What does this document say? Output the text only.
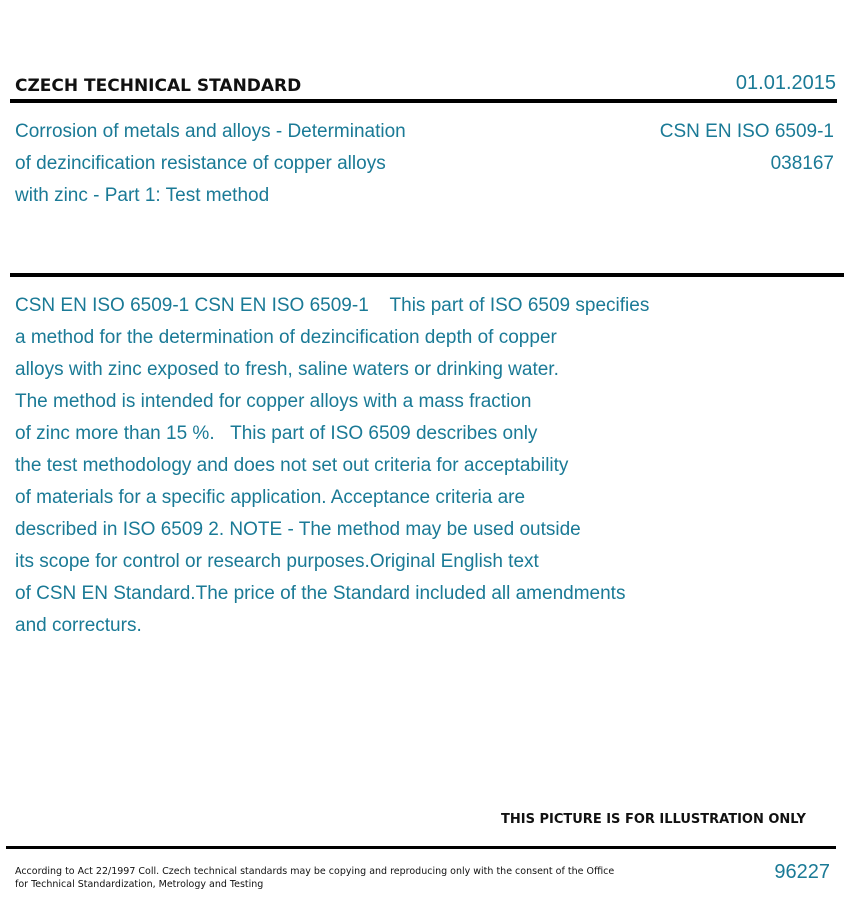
CZECH TECHNICAL STANDARD	01.01.2015
Corrosion of metals and alloys - Determination
of dezincification resistance of copper alloys
with zinc - Part 1: Test method
CSN EN ISO 6509-1
038167
CSN EN ISO 6509-1 CSN EN ISO 6509-1    This part of ISO 6509 specifies
a method for the determination of dezincification depth of copper
alloys with zinc exposed to fresh, saline waters or drinking water.
The method is intended for copper alloys with a mass fraction
of zinc more than 15 %.   This part of ISO 6509 describes only
the test methodology and does not set out criteria for acceptability
of materials for a specific application. Acceptance criteria are
described in ISO 6509 2. NOTE - The method may be used outside
its scope for control or research purposes.Original English text
of CSN EN Standard.The price of the Standard included all amendments
and correcturs.
THIS PICTURE IS FOR ILLUSTRATION ONLY
According to Act 22/1997 Coll. Czech technical standards may be copying and reproducing only with the consent of the Office
for Technical Standardization, Metrology and Testing
96227
